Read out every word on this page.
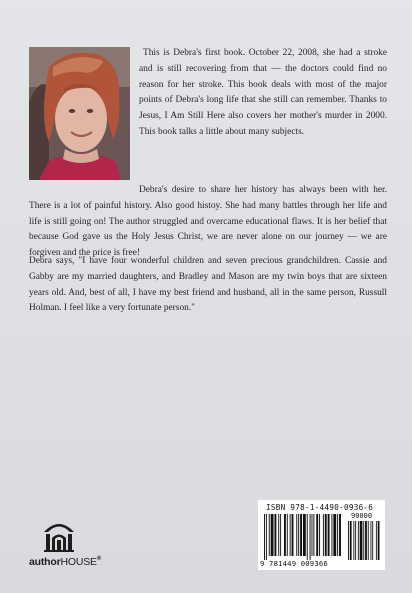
This is Debra's first book. October 22, 2008, she had a stroke and is still recovering from that — the doctors could find no reason for her stroke. This book deals with most of the major points of Debra's long life that she still can remember. Thanks to Jesus, I Am Still Here also covers her mother's murder in 2000. This book talks a little about many subjects.

Debra's desire to share her history has always been with her. There is a lot of painful history. Also good histoy. She had many battles through her life and life is still going on! The author struggled and overcame educational flaws. It is her belief that because God gave us the Holy Jesus Christ, we are never alone on our journey — we are forgiven and the price is free!

Debra says, "I have four wonderful children and seven precious grandchildren. Cassie and Gabby are my married daughters, and Bradley and Mason are my twin boys that are sixteen years old. And, best of all, I have my best friend and husband, all in the same person, Russull Holman. I feel like a very fortunate person."

authorHOUSE®
ISBN 978-1-4490-0936-6
90000
9 781449 009366
